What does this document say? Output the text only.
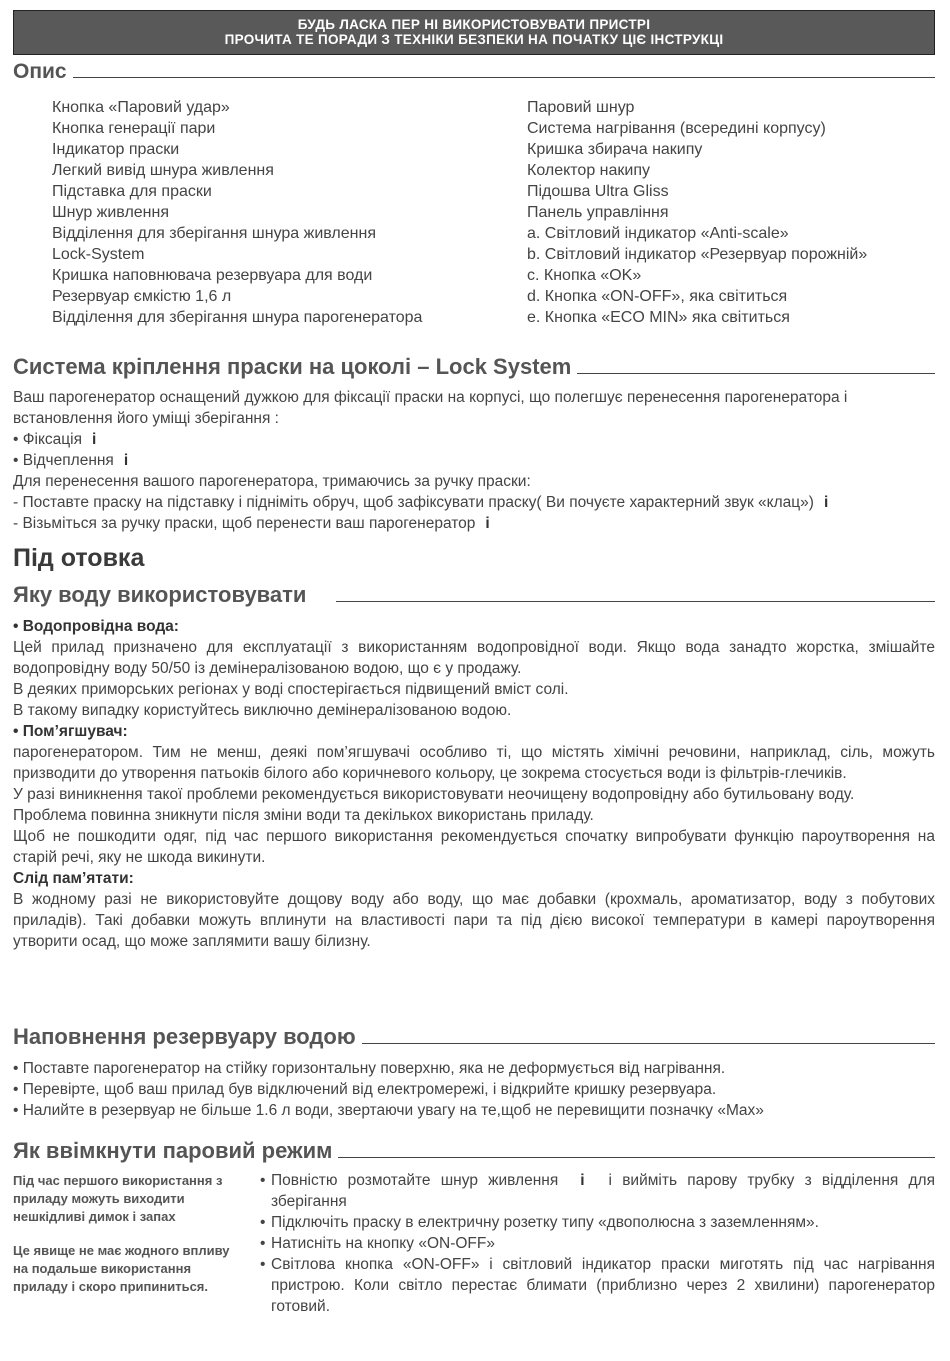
БУДЬ ЛАСКА ПЕР НІ ВИКОРИСТОВУВАТИ ПРИСТРІ
ПРОЧИТА ТЕ ПОРАДИ З ТЕХНІКИ БЕЗПЕКИ НА ПОЧАТКУ ЦІЄ ІНСТРУКЦІ
Опис
Кнопка «Паровий удар»
Кнопка генерації пари
Індикатор праски
Легкий вивід шнура живлення
Підставка для праски
Шнур живлення
Відділення для зберігання шнура живлення
Lock-System
Кришка наповнювача резервуара для води
Резервуар ємкістю 1,6 л
Відділення для зберігання шнура парогенератора
Паровий шнур
Система нагрівання (всередині корпусу)
Кришка збирача накипу
Колектор накипу
Підошва Ultra Gliss
Панель управління
a. Світловий індикатор «Anti-scale»
b. Світловий індикатор «Резервуар порожній»
c. Кнопка «OK»
d. Кнопка «ON-OFF», яка світиться
e. Кнопка «ECO MIN» яка світиться
Система кріплення праски на цоколі – Lock System

Ваш парогенератор оснащений дужкою для фіксації праски на корпусі, що полегшує перенесення парогенератора і встановлення його уміщі зберігання :

• Фіксація i

• Відчеплення i

Для перенесення вашого парогенератора, тримаючись за ручку праски:

- Поставте праску на підставку і підніміть обруч, щоб зафіксувати праску( Ви почуєте характерний звук «клац») i

- Візьміться за ручку праски, щоб перенести ваш парогенератор i

Під отовка
Яку воду використовувати

• Водопровідна вода:

Цей прилад призначено для експлуатації з використанням водопровідної води. Якщо вода занадто жорстка, змішайте водопровідну воду 50/50 із демінералізованою водою, що є у продажу.

В деяких приморських регіонах у воді спостерігається підвищений вміст солі.

В такому випадку користуйтесь виключно демінералізованою водою.

• Пом’ягшувач:

парогенератором. Тим не менш, деякі пом’ягшувачі особливо ті, що містять хімічні речовини, наприклад, сіль, можуть призводити до утворення патьоків білого або коричневого кольору, це зокрема стосується води із фільтрів-глечиків.

У разі виникнення такої проблеми рекомендується використовувати неочищену водопровідну або бутильовану воду.

Проблема повинна зникнути після зміни води та декількох використань приладу.

Щоб не пошкодити одяг, під час першого використання рекомендується спочатку випробувати функцію пароутворення на старій речі, яку не шкода викинути.

Слід пам’ятати:

В жодному разі не використовуйте дощову воду або воду, що має добавки (крохмаль, ароматизатор, воду з побутових приладів). Такі добавки можуть вплинути на властивості пари та під дією високої температури в камері пароутворення утворити осад, що може заплямити вашу білизну.

Наповнення резервуару водою

• Поставте парогенератор на стійку горизонтальну поверхню, яка не деформується від нагрівання.

• Перевірте, щоб ваш прилад був відключений від електромережі, і відкрийте кришку резервуара.

• Налийте в резервуар не більше 1.6 л води, звертаючи увагу на те,щоб не перевищити позначку «Max»

Як ввімкнути паровий режим

Під час першого використання з приладу можуть виходити нешкідливі димок і запах

Це явище не має жодного впливу на подальше використання приладу і скоро припиниться.

• Повністю розмотайте шнур живлення i і вийміть парову трубку з відділення для зберігання
• Підключіть праску в електричну розетку типу «двополюсна з заземленням».
• Натисніть на кнопку «ON-OFF»
• Світлова кнопка «ON-OFF» і світловий індикатор праски миготять під час нагрівання пристрою. Коли світло перестає блимати (приблизно через 2 хвилини) парогенератор готовий.
